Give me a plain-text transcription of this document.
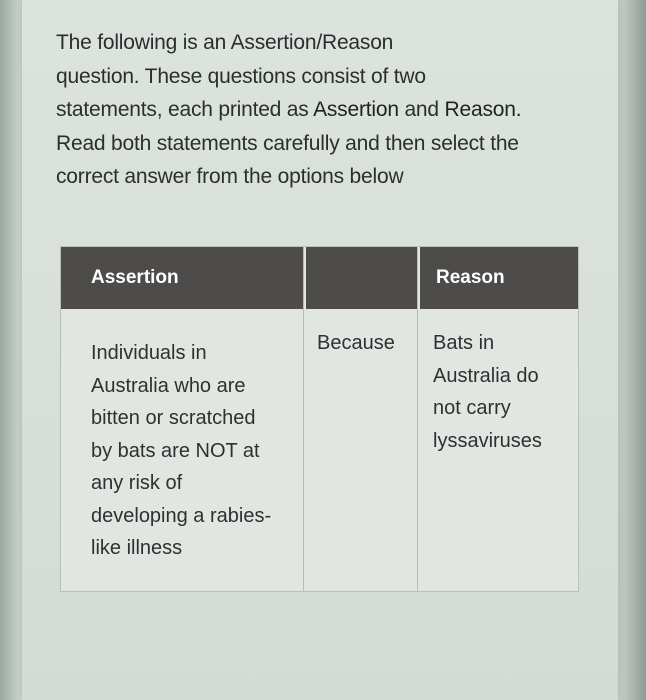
The following is an Assertion/Reason
question. These questions consist of two
statements, each printed as Assertion and Reason.
Read both statements carefully and then select the
correct answer from the options below

Assertion	Reason

Individuals in
Australia who are
bitten or scratched
by bats are NOT at
any risk of
developing a rabies-
like illness

Because	Bats in
Australia do
not carry
lyssaviruses
